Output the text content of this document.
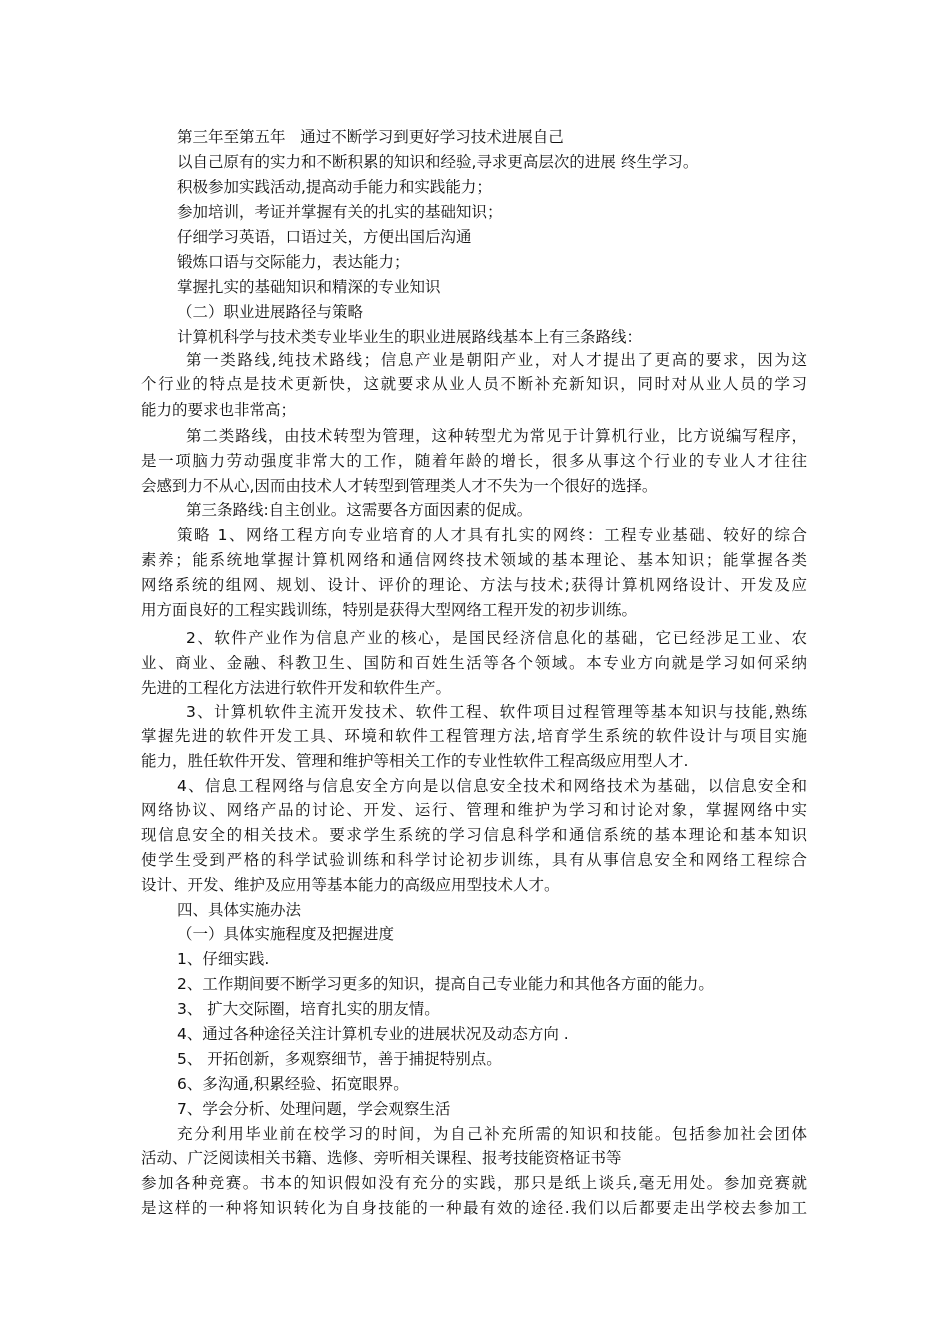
第三年至第五年   通过不断学习到更好学习技术进展自己

以自己原有的实力和不断积累的知识和经验,寻求更高层次的进展 终生学习。

积极参加实践活动,提高动手能力和实践能力；

参加培训，考证并掌握有关的扎实的基础知识；

仔细学习英语，口语过关，方便出国后沟通

锻炼口语与交际能力，表达能力；

掌握扎实的基础知识和精深的专业知识

（二）职业进展路径与策略

计算机科学与技术类专业毕业生的职业进展路线基本上有三条路线：

第一类路线,纯技术路线；信息产业是朝阳产业，对人才提出了更高的要求，因为这

个行业的特点是技术更新快，这就要求从业人员不断补充新知识，同时对从业人员的学习

能力的要求也非常高；

第二类路线，由技术转型为管理，这种转型尤为常见于计算机行业，比方说编写程序，

是一项脑力劳动强度非常大的工作，随着年龄的增长，很多从事这个行业的专业人才往往

会感到力不从心,因而由技术人才转型到管理类人才不失为一个很好的选择。

第三条路线:自主创业。这需要各方面因素的促成。

策略 1、网络工程方向专业培育的人才具有扎实的网终：工程专业基础、较好的综合

素养；能系统地掌握计算机网络和通信网终技术领域的基本理论、基本知识；能掌握各类

网络系统的组网、规划、设计、评价的理论、方法与技术;获得计算机网络设计、开发及应

用方面良好的工程实践训练，特别是获得大型网络工程开发的初步训练。

2、软件产业作为信息产业的核心，是国民经济信息化的基础，它已经涉足工业、农

业、商业、金融、科教卫生、国防和百姓生活等各个领域。本专业方向就是学习如何采纳

先进的工程化方法进行软件开发和软件生产。

3、计算机软件主流开发技术、软件工程、软件项目过程管理等基本知识与技能,熟练

掌握先进的软件开发工具、环境和软件工程管理方法,培育学生系统的软件设计与项目实施

能力，胜任软件开发、管理和维护等相关工作的专业性软件工程高级应用型人才.

4、信息工程网络与信息安全方向是以信息安全技术和网络技术为基础，以信息安全和

网络协议、网络产品的讨论、开发、运行、管理和维护为学习和讨论对象，掌握网络中实

现信息安全的相关技术。要求学生系统的学习信息科学和通信系统的基本理论和基本知识

使学生受到严格的科学试验训练和科学讨论初步训练，具有从事信息安全和网络工程综合

设计、开发、维护及应用等基本能力的高级应用型技术人才。

四、具体实施办法

（一）具体实施程度及把握进度

1、仔细实践.

2、工作期间要不断学习更多的知识，提高自己专业能力和其他各方面的能力。

3、 扩大交际圈，培育扎实的朋友情。

4、通过各种途径关注计算机专业的进展状况及动态方向 .

5、 开拓创新，多观察细节，善于捕捉特别点。

6、多沟通,积累经验、拓宽眼界。

7、学会分析、处理问题，学会观察生活

充分利用毕业前在校学习的时间，为自己补充所需的知识和技能。包括参加社会团体

活动、广泛阅读相关书籍、选修、旁听相关课程、报考技能资格证书等

参加各种竞赛。书本的知识假如没有充分的实践，那只是纸上谈兵,毫无用处。参加竞赛就

是这样的一种将知识转化为自身技能的一种最有效的途径.我们以后都要走出学校去参加工
